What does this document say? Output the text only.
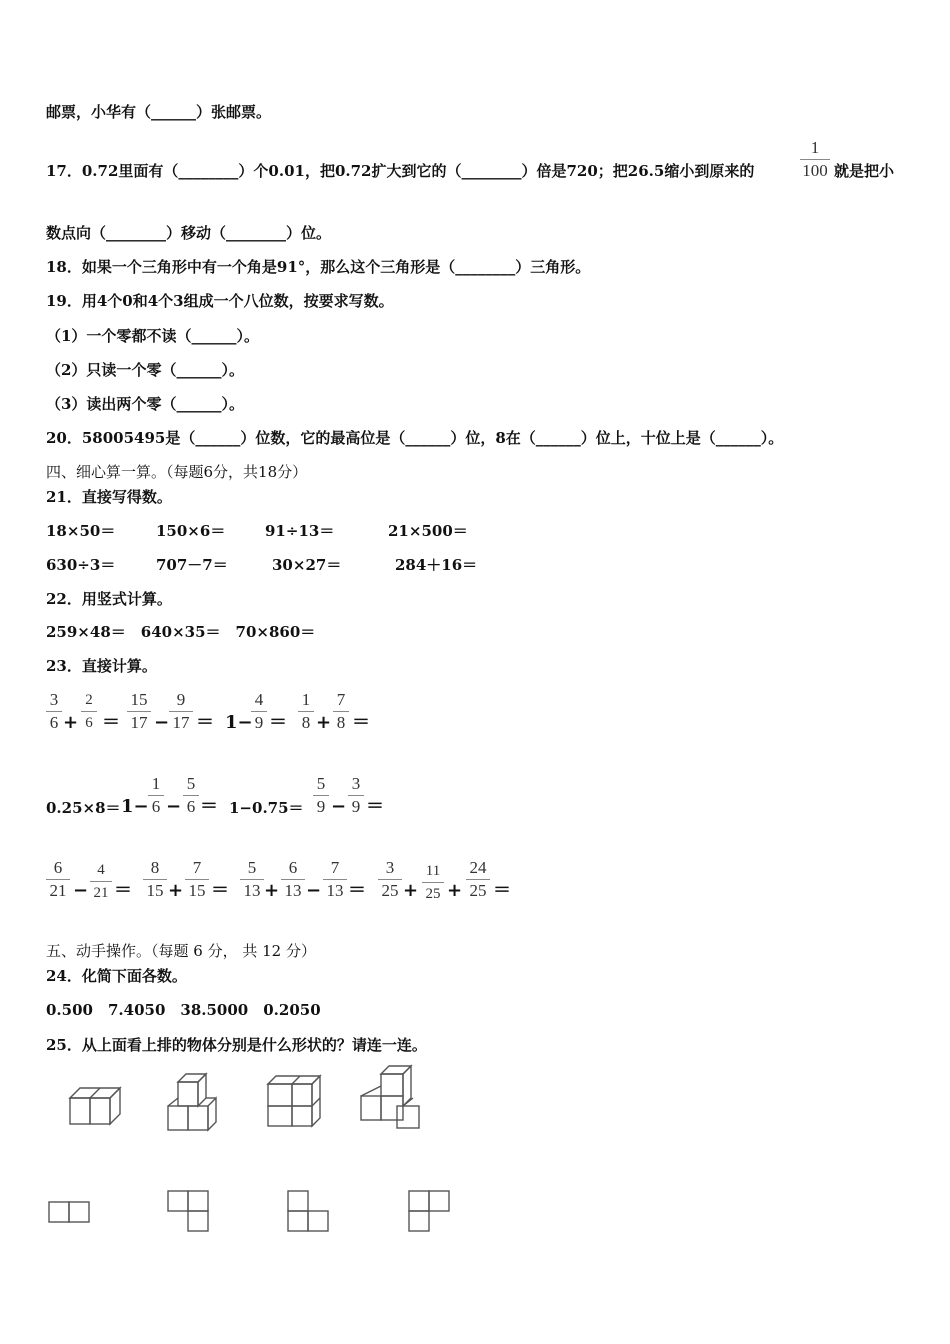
邮票，小华有（______）张邮票。
17．0.72里面有（________）个0.01，把0.72扩大到它的（________）倍是720；把26.5缩小到原来的
1
100 就是把小
数点向（________）移动（________）位。
18．如果一个三角形中有一个角是91°，那么这个三角形是（________）三角形。
19．用4个0和4个3组成一个八位数，按要求写数。
（1）一个零都不读（______）。
（2）只读一个零（______）。
（3）读出两个零（______）。
20．58005495是（______）位数，它的最高位是（______）位，8在（______）位上，十位上是（______）。
四、细心算一算。（每题6分，共18分）
21．直接写得数。
18×50＝	150×6＝	91÷13＝	21×500＝
630÷3＝	707－7＝	30×27＝	284＋16＝
22．用竖式计算。
259×48＝　640×35＝　70×860＝
23．直接计算。
3
6 +
2
6 ＝
15
17 −
9
17 ＝ 1−
4
9 ＝
1
8 +
7
8 ＝
0.25×8＝ 1−
1
6 −
5
6 ＝ 1−0.75＝
5
9 −
3
9 ＝
6
21 −
4
21 ＝
8
15 +
7
15 ＝
5
13 +
6
13 −
7
13 ＝
3
25 +
11
25 +
24
25 ＝
五、动手操作。（每题 6 分， 共 12 分）
24．化简下面各数。
0.500　7.4050　38.5000　0.2050
25．从上面看上排的物体分别是什么形状的？请连一连。
